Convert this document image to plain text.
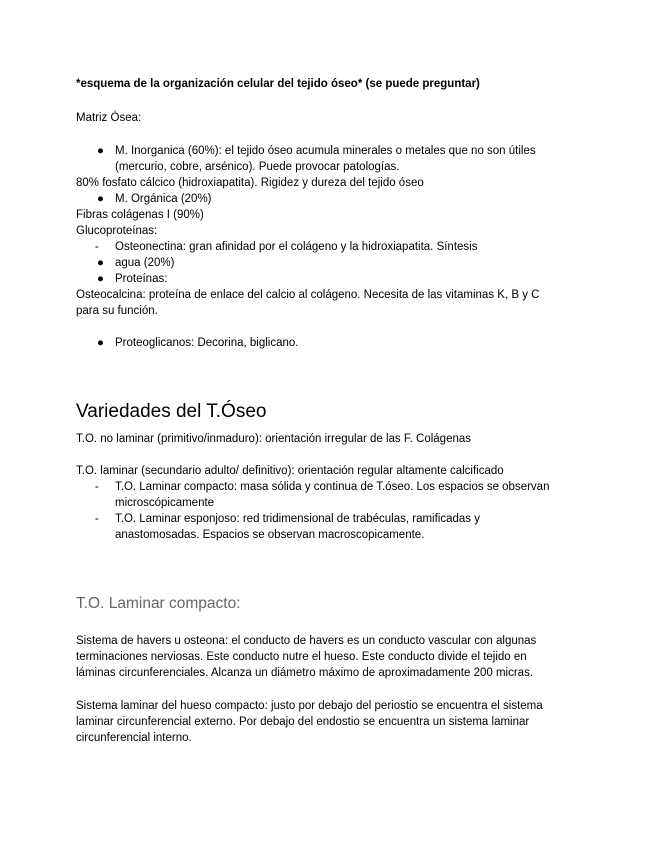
*esquema de la organización celular del tejido óseo* (se puede preguntar)
Matriz Ósea:
● M. Inorganica (60%): el tejido óseo acumula minerales o metales que no son útiles
(mercurio, cobre, arsénico). Puede provocar patologías.
80% fosfato cálcico (hidroxiapatita). Rigidez y dureza del tejido óseo
● M. Orgánica (20%)
Fibras colágenas I (90%)
Glucoproteínas:
- Osteonectina: gran afinidad por el colágeno y la hidroxiapatita. Síntesis
● agua (20%)
● Proteínas:
Osteocalcina: proteína de enlace del calcio al colágeno. Necesita de las vitaminas K, B y C
para su función.
● Proteoglicanos: Decorina, biglicano.
Variedades del T.Óseo
T.O. no laminar (primitivo/inmaduro): orientación irregular de las F. Colágenas
T.O. laminar (secundario adulto/ definitivo): orientación regular altamente calcificado
- T.O. Laminar compacto: masa sólida y continua de T.óseo. Los espacios se observan
microscópicamente
- T.O. Laminar esponjoso: red tridimensional de trabéculas, ramificadas y
anastomosadas. Espacios se observan macroscopicamente.
T.O. Laminar compacto:
Sistema de havers u osteona: el conducto de havers es un conducto vascular con algunas
terminaciones nerviosas. Este conducto nutre el hueso. Este conducto divide el tejido en
láminas circunferenciales. Alcanza un diámetro máximo de aproximadamente 200 micras.
Sistema laminar del hueso compacto: justo por debajo del periostio se encuentra el sistema
laminar circunferencial externo. Por debajo del endostio se encuentra un sistema laminar
circunferencial interno.
